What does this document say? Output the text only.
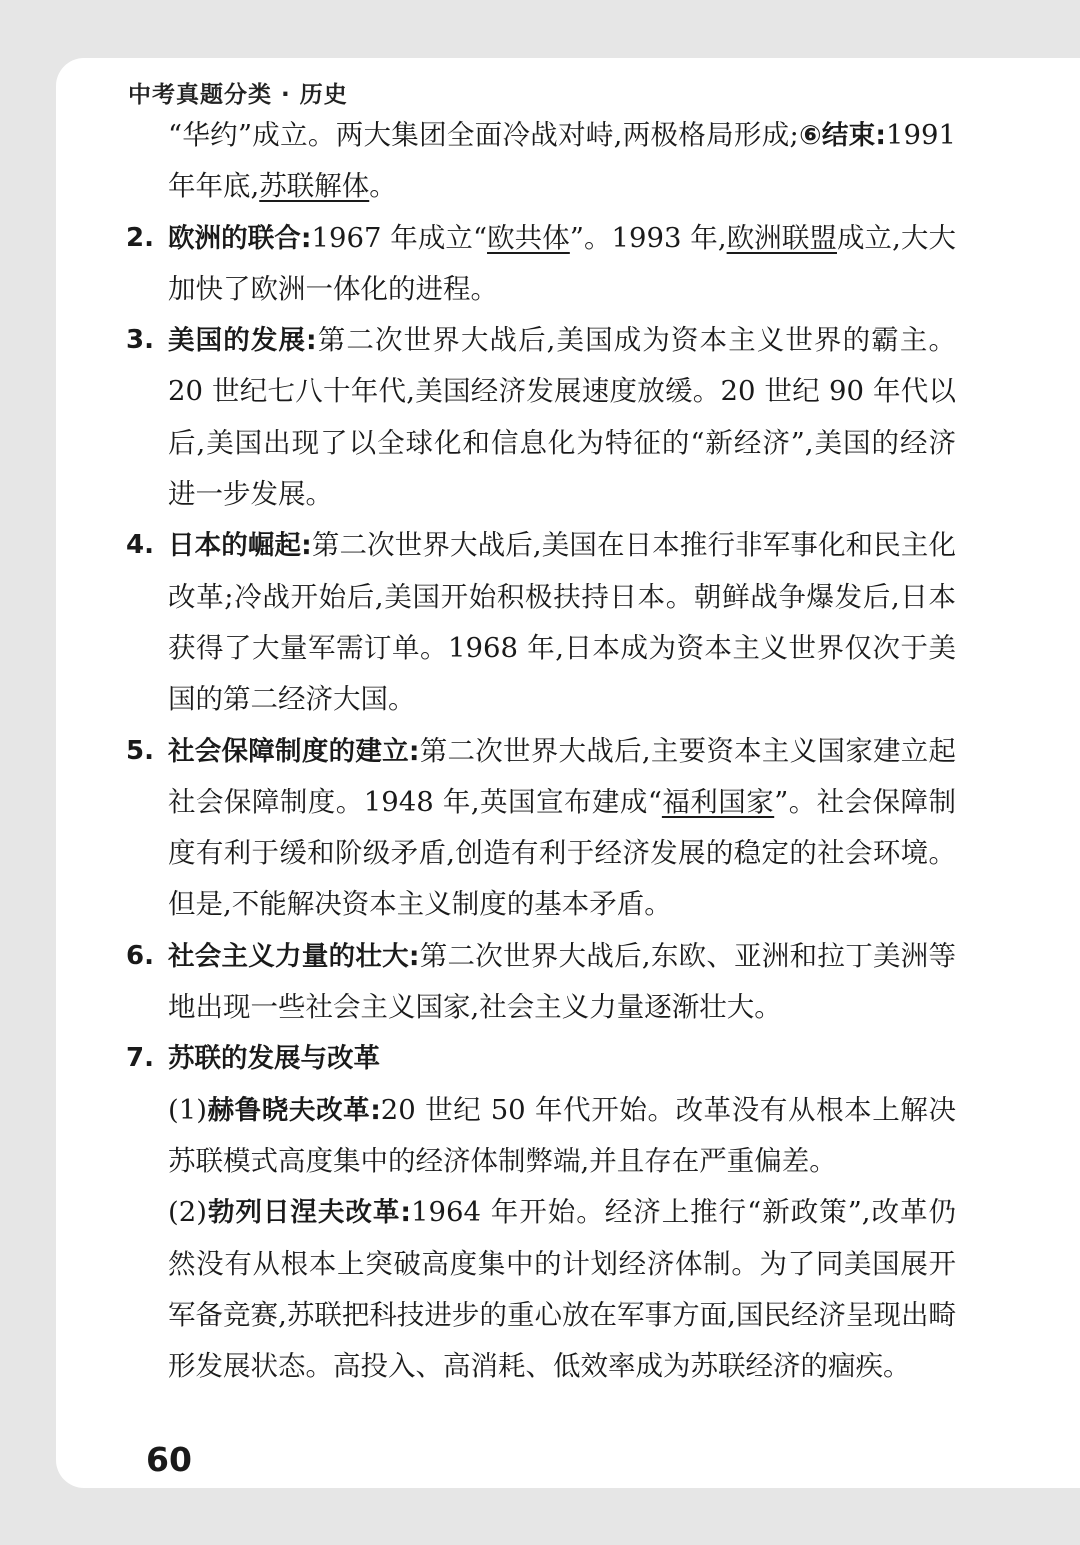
中考真题分类 · 历史
“华约”成立。两大集团全面冷战对峙,两极格局形成;⑥结束:1991 年年底,苏联解体。
2. 欧洲的联合:1967 年成立“欧共体”。1993 年,欧洲联盟成立,大大加快了欧洲一体化的进程。
3. 美国的发展:第二次世界大战后,美国成为资本主义世界的霸主。20 世纪七八十年代,美国经济发展速度放缓。20 世纪 90 年代以后,美国出现了以全球化和信息化为特征的“新经济”,美国的经济进一步发展。
4. 日本的崛起:第二次世界大战后,美国在日本推行非军事化和民主化改革;冷战开始后,美国开始积极扶持日本。朝鲜战争爆发后,日本获得了大量军需订单。1968 年,日本成为资本主义世界仅次于美国的第二经济大国。
5. 社会保障制度的建立:第二次世界大战后,主要资本主义国家建立起社会保障制度。1948 年,英国宣布建成“福利国家”。社会保障制度有利于缓和阶级矛盾,创造有利于经济发展的稳定的社会环境。但是,不能解决资本主义制度的基本矛盾。
6. 社会主义力量的壮大:第二次世界大战后,东欧、亚洲和拉丁美洲等地出现一些社会主义国家,社会主义力量逐渐壮大。
7. 苏联的发展与改革
(1)赫鲁晓夫改革:20 世纪 50 年代开始。改革没有从根本上解决苏联模式高度集中的经济体制弊端,并且存在严重偏差。
(2)勃列日涅夫改革:1964 年开始。经济上推行“新政策”,改革仍然没有从根本上突破高度集中的计划经济体制。为了同美国展开军备竞赛,苏联把科技进步的重心放在军事方面,国民经济呈现出畸形发展状态。高投入、高消耗、低效率成为苏联经济的痼疾。
60
